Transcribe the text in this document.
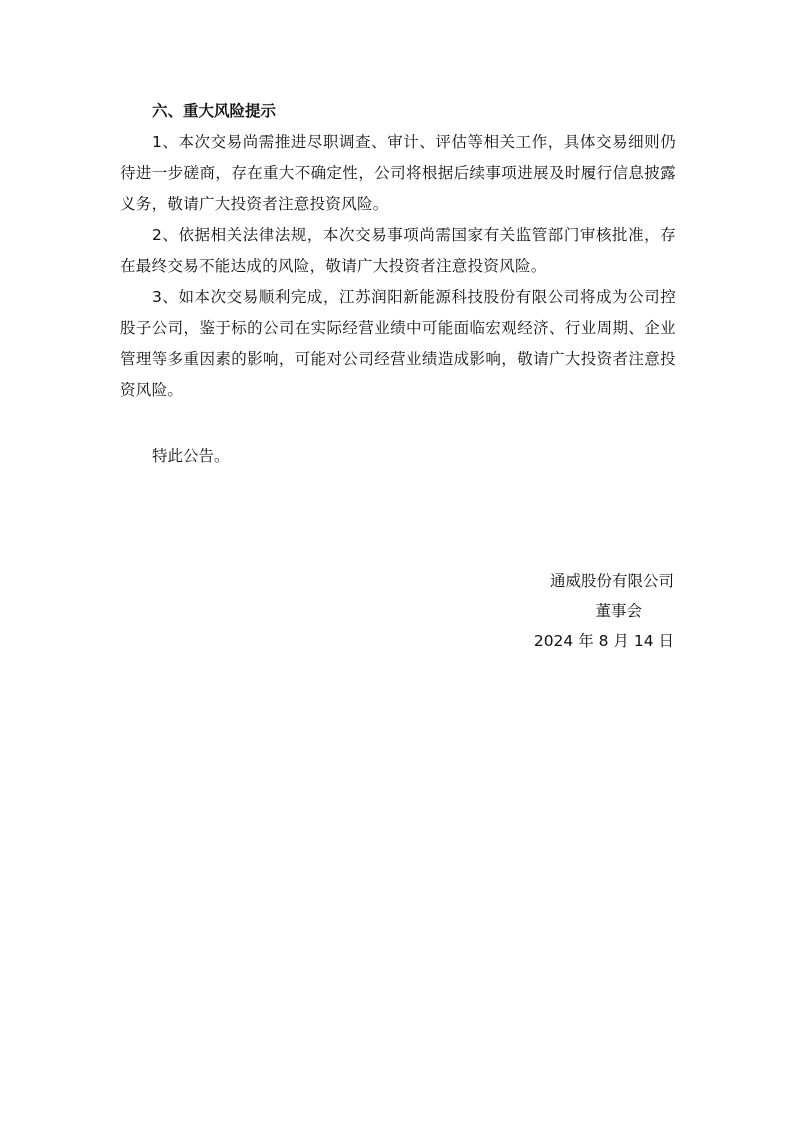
六、重大风险提示

1、本次交易尚需推进尽职调查、审计、评估等相关工作，具体交易细则仍待进一步磋商，存在重大不确定性，公司将根据后续事项进展及时履行信息披露义务，敬请广大投资者注意投资风险。

2、依据相关法律法规，本次交易事项尚需国家有关监管部门审核批准，存在最终交易不能达成的风险，敬请广大投资者注意投资风险。

3、如本次交易顺利完成，江苏润阳新能源科技股份有限公司将成为公司控股子公司，鉴于标的公司在实际经营业绩中可能面临宏观经济、行业周期、企业管理等多重因素的影响，可能对公司经营业绩造成影响，敬请广大投资者注意投资风险。

特此公告。

通威股份有限公司

董事会

2024 年 8 月 14 日
